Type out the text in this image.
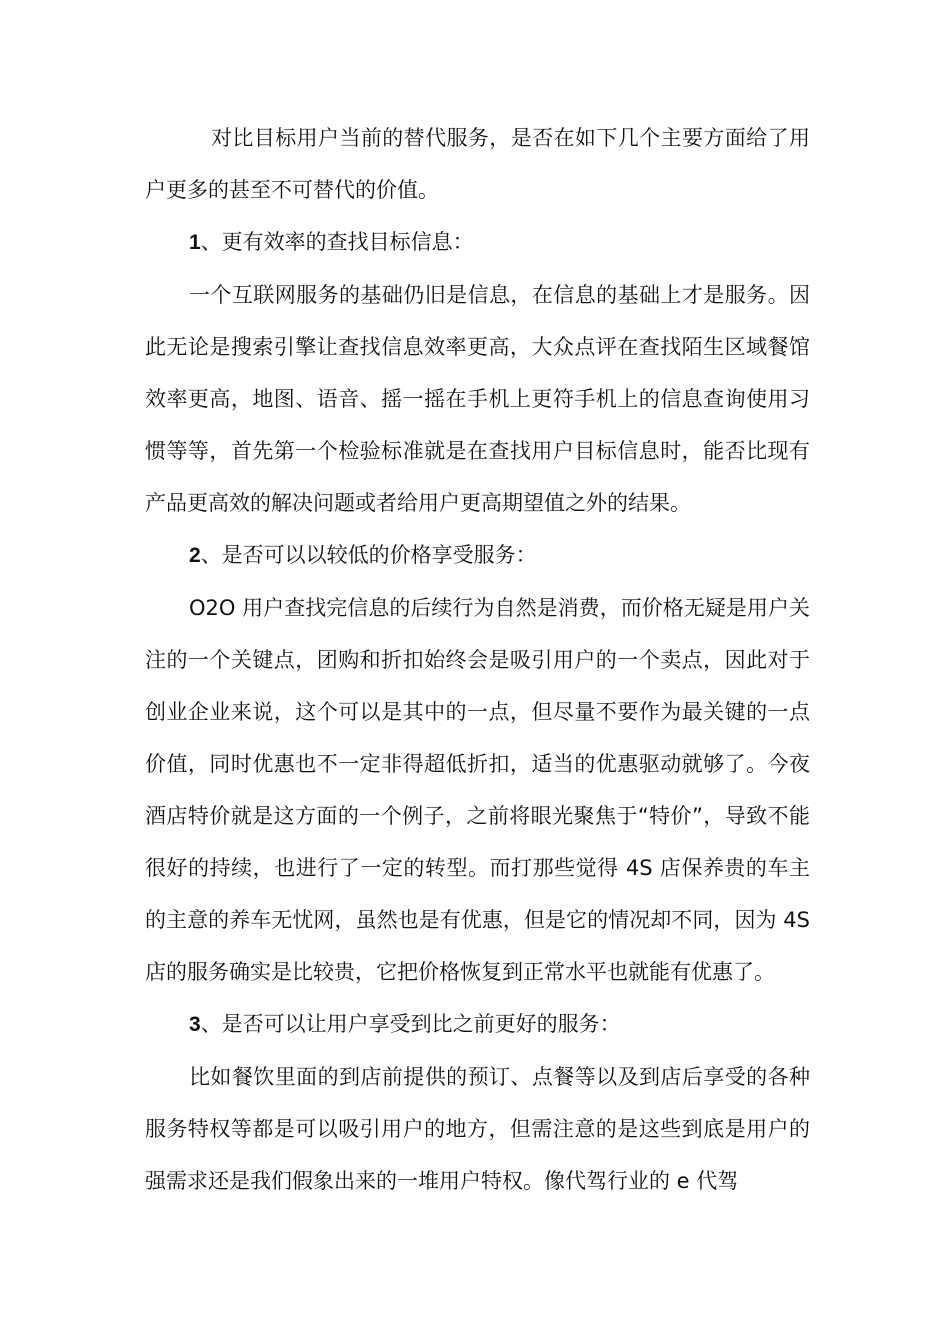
对比目标用户当前的替代服务，是否在如下几个主要方面给了用户更多的甚至不可替代的价值。

1、更有效率的查找目标信息：

一个互联网服务的基础仍旧是信息，在信息的基础上才是服务。因此无论是搜索引擎让查找信息效率更高，大众点评在查找陌生区域餐馆效率更高，地图、语音、摇一摇在手机上更符手机上的信息查询使用习惯等等，首先第一个检验标准就是在查找用户目标信息时，能否比现有产品更高效的解决问题或者给用户更高期望值之外的结果。

2、是否可以以较低的价格享受服务：

O2O 用户查找完信息的后续行为自然是消费，而价格无疑是用户关注的一个关键点，团购和折扣始终会是吸引用户的一个卖点，因此对于创业企业来说，这个可以是其中的一点，但尽量不要作为最关键的一点价值，同时优惠也不一定非得超低折扣，适当的优惠驱动就够了。今夜酒店特价就是这方面的一个例子，之前将眼光聚焦于“特价”，导致不能很好的持续，也进行了一定的转型。而打那些觉得 4S 店保养贵的车主的主意的养车无忧网，虽然也是有优惠，但是它的情况却不同，因为 4S 店的服务确实是比较贵，它把价格恢复到正常水平也就能有优惠了。

3、是否可以让用户享受到比之前更好的服务：

比如餐饮里面的到店前提供的预订、点餐等以及到店后享受的各种服务特权等都是可以吸引用户的地方，但需注意的是这些到底是用户的强需求还是我们假象出来的一堆用户特权。像代驾行业的 e 代驾
